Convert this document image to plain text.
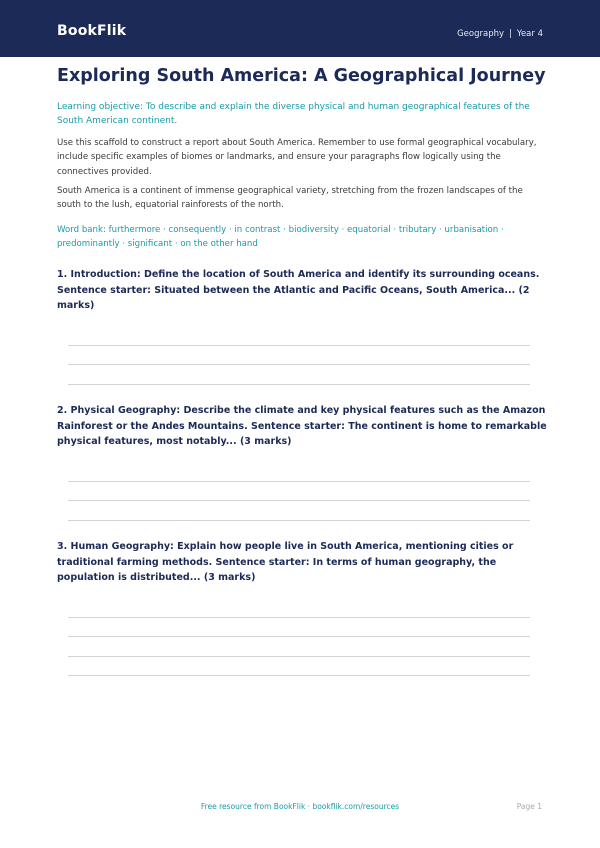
BookFlik	Geography | Year 4
Exploring South America: A Geographical Journey
Learning objective: To describe and explain the diverse physical and human geographical features of the South American continent.
Use this scaffold to construct a report about South America. Remember to use formal geographical vocabulary, include specific examples of biomes or landmarks, and ensure your paragraphs flow logically using the connectives provided.
South America is a continent of immense geographical variety, stretching from the frozen landscapes of the south to the lush, equatorial rainforests of the north.
Word bank: furthermore · consequently · in contrast · biodiversity · equatorial · tributary · urbanisation · predominantly · significant · on the other hand
1. Introduction: Define the location of South America and identify its surrounding oceans. Sentence starter: Situated between the Atlantic and Pacific Oceans, South America... (2 marks)
2. Physical Geography: Describe the climate and key physical features such as the Amazon Rainforest or the Andes Mountains. Sentence starter: The continent is home to remarkable physical features, most notably... (3 marks)
3. Human Geography: Explain how people live in South America, mentioning cities or traditional farming methods. Sentence starter: In terms of human geography, the population is distributed... (3 marks)
Free resource from BookFlik · bookflik.com/resources	Page 1
